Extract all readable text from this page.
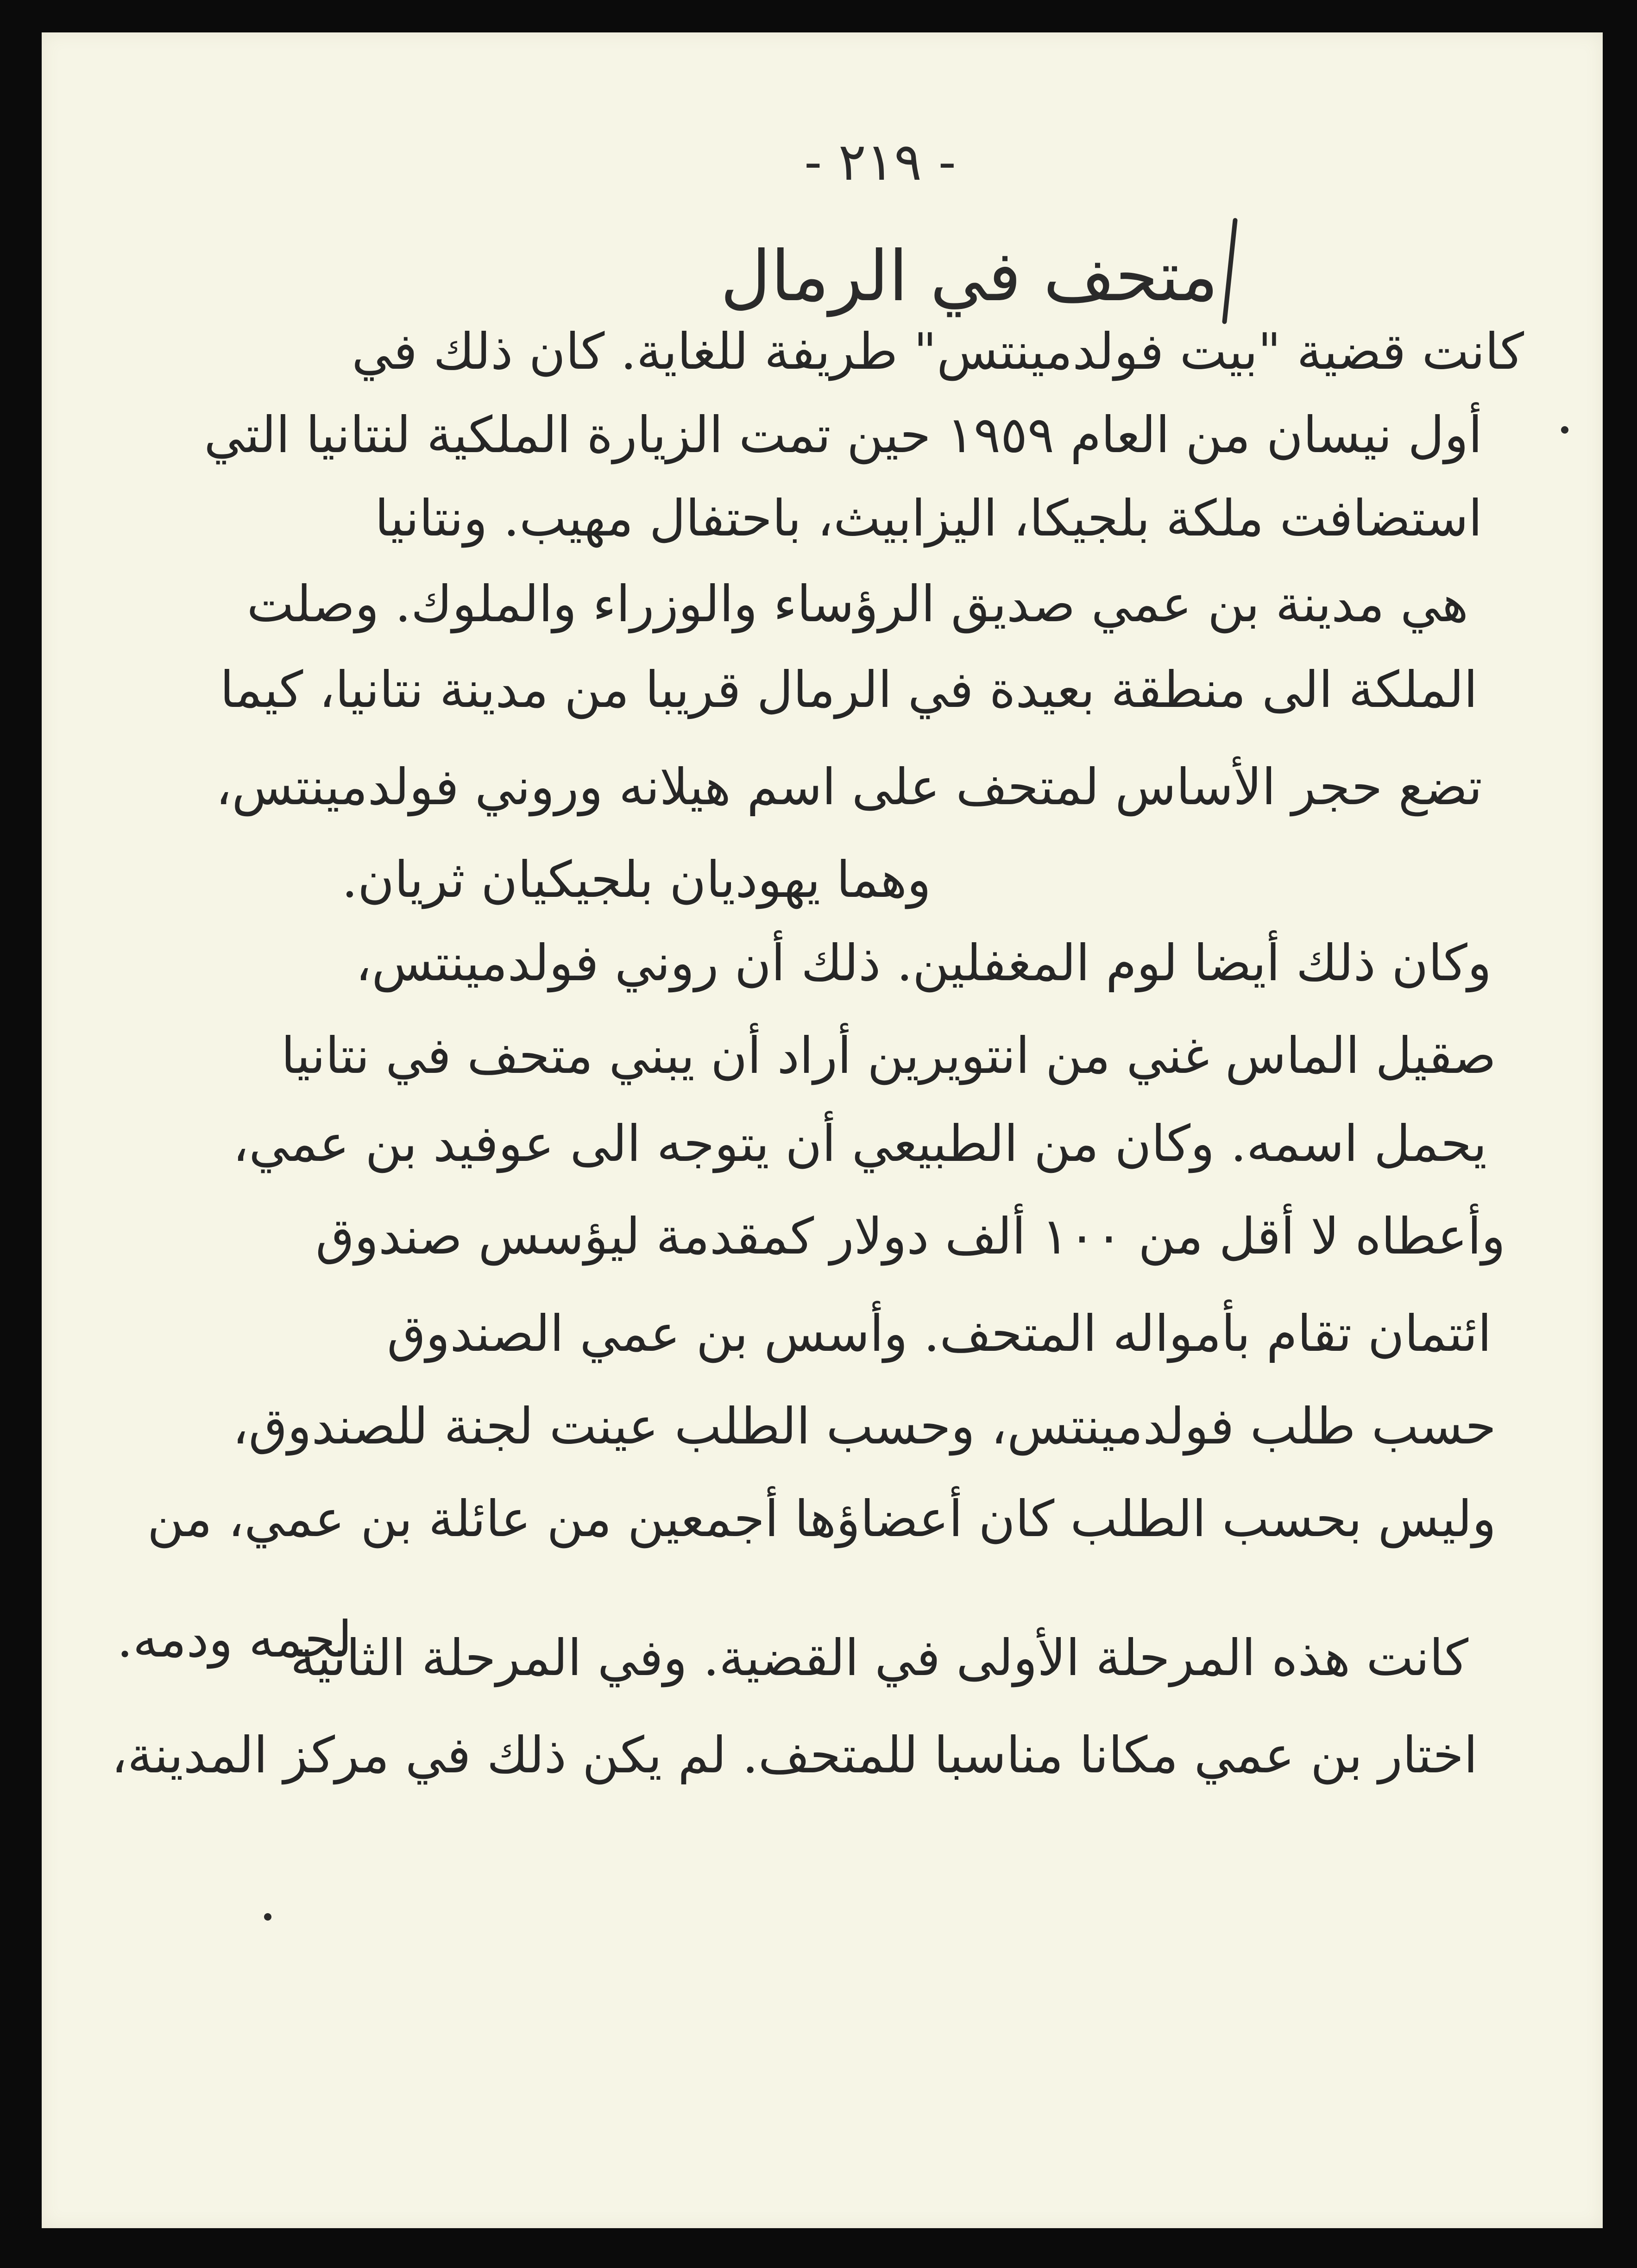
- ٢١٩ -
متحف في الرمال
كانت قضية "بيت فولدمينتس" طريفة للغاية. كان ذلك في
أول نيسان من العام ١٩٥٩ حين تمت الزيارة الملكية لنتانيا التي
استضافت ملكة بلجيكا، اليزابيث، باحتفال مهيب. ونتانيا
هي مدينة بن عمي صديق الرؤساء والوزراء والملوك. وصلت
الملكة الى منطقة بعيدة في الرمال قريبا من مدينة نتانيا، كيما
تضع حجر الأساس لمتحف على اسم هيلانه وروني فولدمينتس،
وهما يهوديان بلجيكيان ثريان.
وكان ذلك أيضا لوم المغفلين. ذلك أن روني فولدمينتس،
صقيل الماس غني من انتويرين أراد أن يبني متحف في نتانيا
يحمل اسمه. وكان من الطبيعي أن يتوجه الى عوفيد بن عمي،
وأعطاه لا أقل من ١٠٠ ألف دولار كمقدمة ليؤسس صندوق
ائتمان تقام بأمواله المتحف. وأسس بن عمي الصندوق
حسب طلب فولدمينتس، وحسب الطلب عينت لجنة للصندوق،
وليس بحسب الطلب كان أعضاؤها أجمعين من عائلة بن عمي، من
لحمه ودمه.
كانت هذه المرحلة الأولى في القضية. وفي المرحلة الثانية
اختار بن عمي مكانا مناسبا للمتحف. لم يكن ذلك في مركز المدينة،
